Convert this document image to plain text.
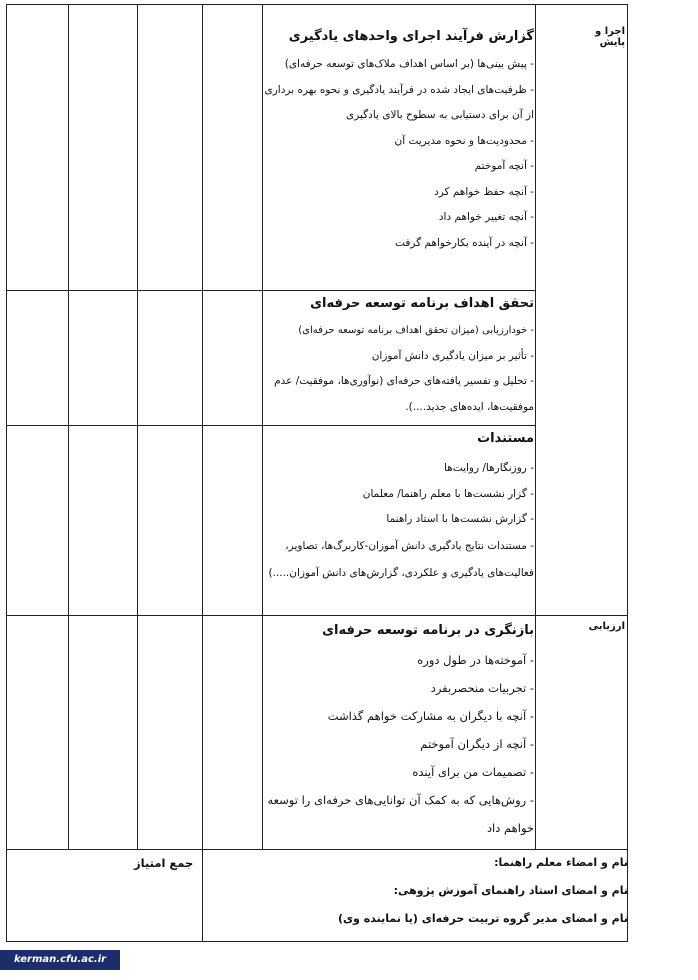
اجرا و پایش
ارزیابی
گزارش فرآیند اجرای واحدهای یادگیری
- پیش بینی‌ها (بر اساس اهداف ملاک‌های توسعه حرفه‌ای)
- ظرفیت‌های ایجاد شده در فرآیند یادگیری و نحوه بهره برداری از آن برای دستیابی به سطوح بالای یادگیری
- محدودیت‌ها و نحوه مدیریت آن
- آنچه آموختم
- آنچه حفظ خواهم کرد
- آنچه تغییر خواهم داد
- آنچه در آینده بکارخواهم گرفت
تحقق اهداف برنامه توسعه حرفه‌ای
- خودارزیابی (میزان تحقق اهداف برنامه توسعه حرفه‌ای)
- تأثیر بر میزان یادگیری دانش آموزان
- تحلیل و تفسیر یافته‌های حرفه‌ای (نوآوری‌ها، موفقیت/ عدم موفقیت‌ها، ایده‌های جدید....).
مستندات
- روزنگارها/ روایت‌ها
- گزار نشست‌ها با معلم راهنما/ معلمان
- گزارش نشست‌ها با استاد راهنما
- مستندات نتایج یادگیری دانش آموزان-کاربرگ‌ها، تصاویر، فعالیت‌های یادگیری و علکردی، گزارش‌های دانش آموزان.....)
بازنگری در برنامه توسعه حرفه‌ای
- آموخته‌ها در طول دوره
- تجربیات منحصربفرد
- آنچه با دیگران به مشارکت خواهم گذاشت
- آنچه از دیگران آموختم
- تصمیمات من برای آینده
- روش‌هایی که به کمک آن توانایی‌های حرفه‌ای را توسعه خواهم داد
نام و امضاء معلم راهنما:
نام و امضای استاد راهنمای آموزش پژوهی:
نام و امضای مدیر گروه تربیت حرفه‌ای (یا نماینده وی)
جمع امتیاز
kerman.cfu.ac.ir
